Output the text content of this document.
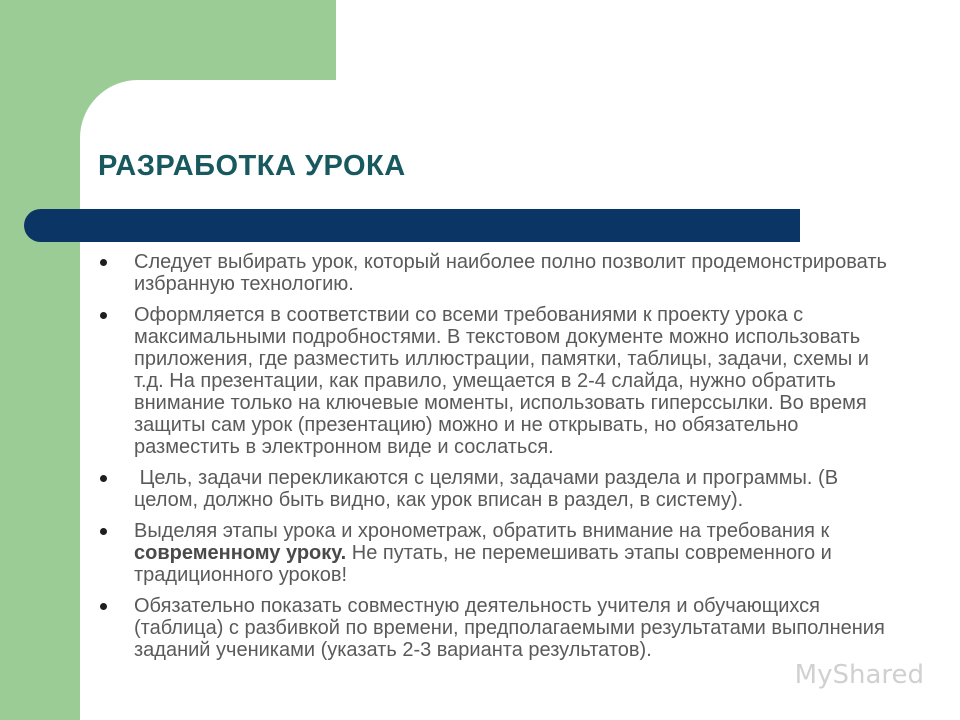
РАЗРАБОТКА УРОКА
Следует выбирать урок, который наиболее полно позволит продемонстрировать избранную технологию.
Оформляется в соответствии со всеми требованиями к проекту урока с максимальными подробностями. В текстовом документе можно использовать приложения, где разместить иллюстрации, памятки, таблицы, задачи, схемы и т.д. На презентации, как правило, умещается в 2-4 слайда, нужно обратить внимание только на ключевые моменты, использовать гиперссылки. Во время защиты сам урок (презентацию) можно и не открывать, но обязательно разместить в электронном виде и сослаться.
Цель, задачи перекликаются с целями, задачами раздела и программы. (В целом, должно быть видно, как урок вписан в раздел, в систему).
Выделяя этапы урока и хронометраж, обратить внимание на требования к современному уроку. Не путать, не перемешивать этапы современного и традиционного уроков!
Обязательно показать совместную деятельность учителя и обучающихся (таблица) с разбивкой по времени, предполагаемыми результатами выполнения заданий учениками (указать 2-3 варианта результатов).
MyShared
